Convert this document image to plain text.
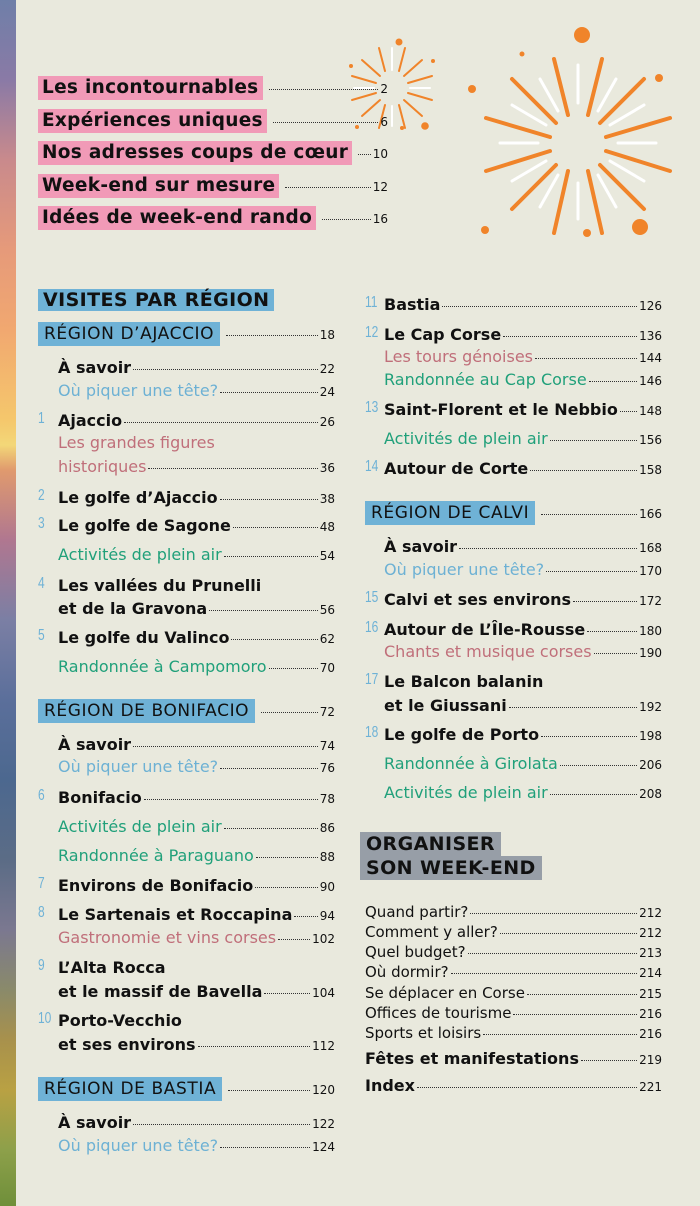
Les incontournables	2
Expériences uniques	6
Nos adresses coups de cœur	10
Week-end sur mesure	12
Idées de week-end rando	16
VISITES PAR RÉGION
RÉGION D’AJACCIO	18
À savoir	22
Où piquer une tête?	24
1 Ajaccio	26
Les grandes figures
historiques	36
2 Le golfe d’Ajaccio	38
3 Le golfe de Sagone	48
Activités de plein air	54
4 Les vallées du Prunelli
et de la Gravona	56
5 Le golfe du Valinco	62
Randonnée à Campomoro	70
RÉGION DE BONIFACIO	72
À savoir	74
Où piquer une tête?	76
6 Bonifacio	78
Activités de plein air	86
Randonnée à Paraguano	88
7 Environs de Bonifacio	90
8 Le Sartenais et Roccapina 94
Gastronomie et vins corses	102
9 L’Alta Rocca
et le massif de Bavella	104
10 Porto-Vecchio
et ses environs	112
RÉGION DE BASTIA	120
À savoir	122
Où piquer une tête?	124
11 Bastia	126
12 Le Cap Corse	136
Les tours génoises	144
Randonnée au Cap Corse	146
13 Saint-Florent et le Nebbio 148
Activités de plein air	156
14 Autour de Corte	158
RÉGION DE CALVI	166
À savoir	168
Où piquer une tête?	170
15 Calvi et ses environs	172
16 Autour de L’Île-Rousse	180
Chants et musique corses	190
17 Le Balcon balanin
et le Giussani	192
18 Le golfe de Porto	198
Randonnée à Girolata	206
Activités de plein air	208
ORGANISER
SON WEEK-END
Quand partir?	212
Comment y aller?	212
Quel budget?	213
Où dormir?	214
Se déplacer en Corse	215
Offices de tourisme	216
Sports et loisirs	216
Fêtes et manifestations	219
Index	221
